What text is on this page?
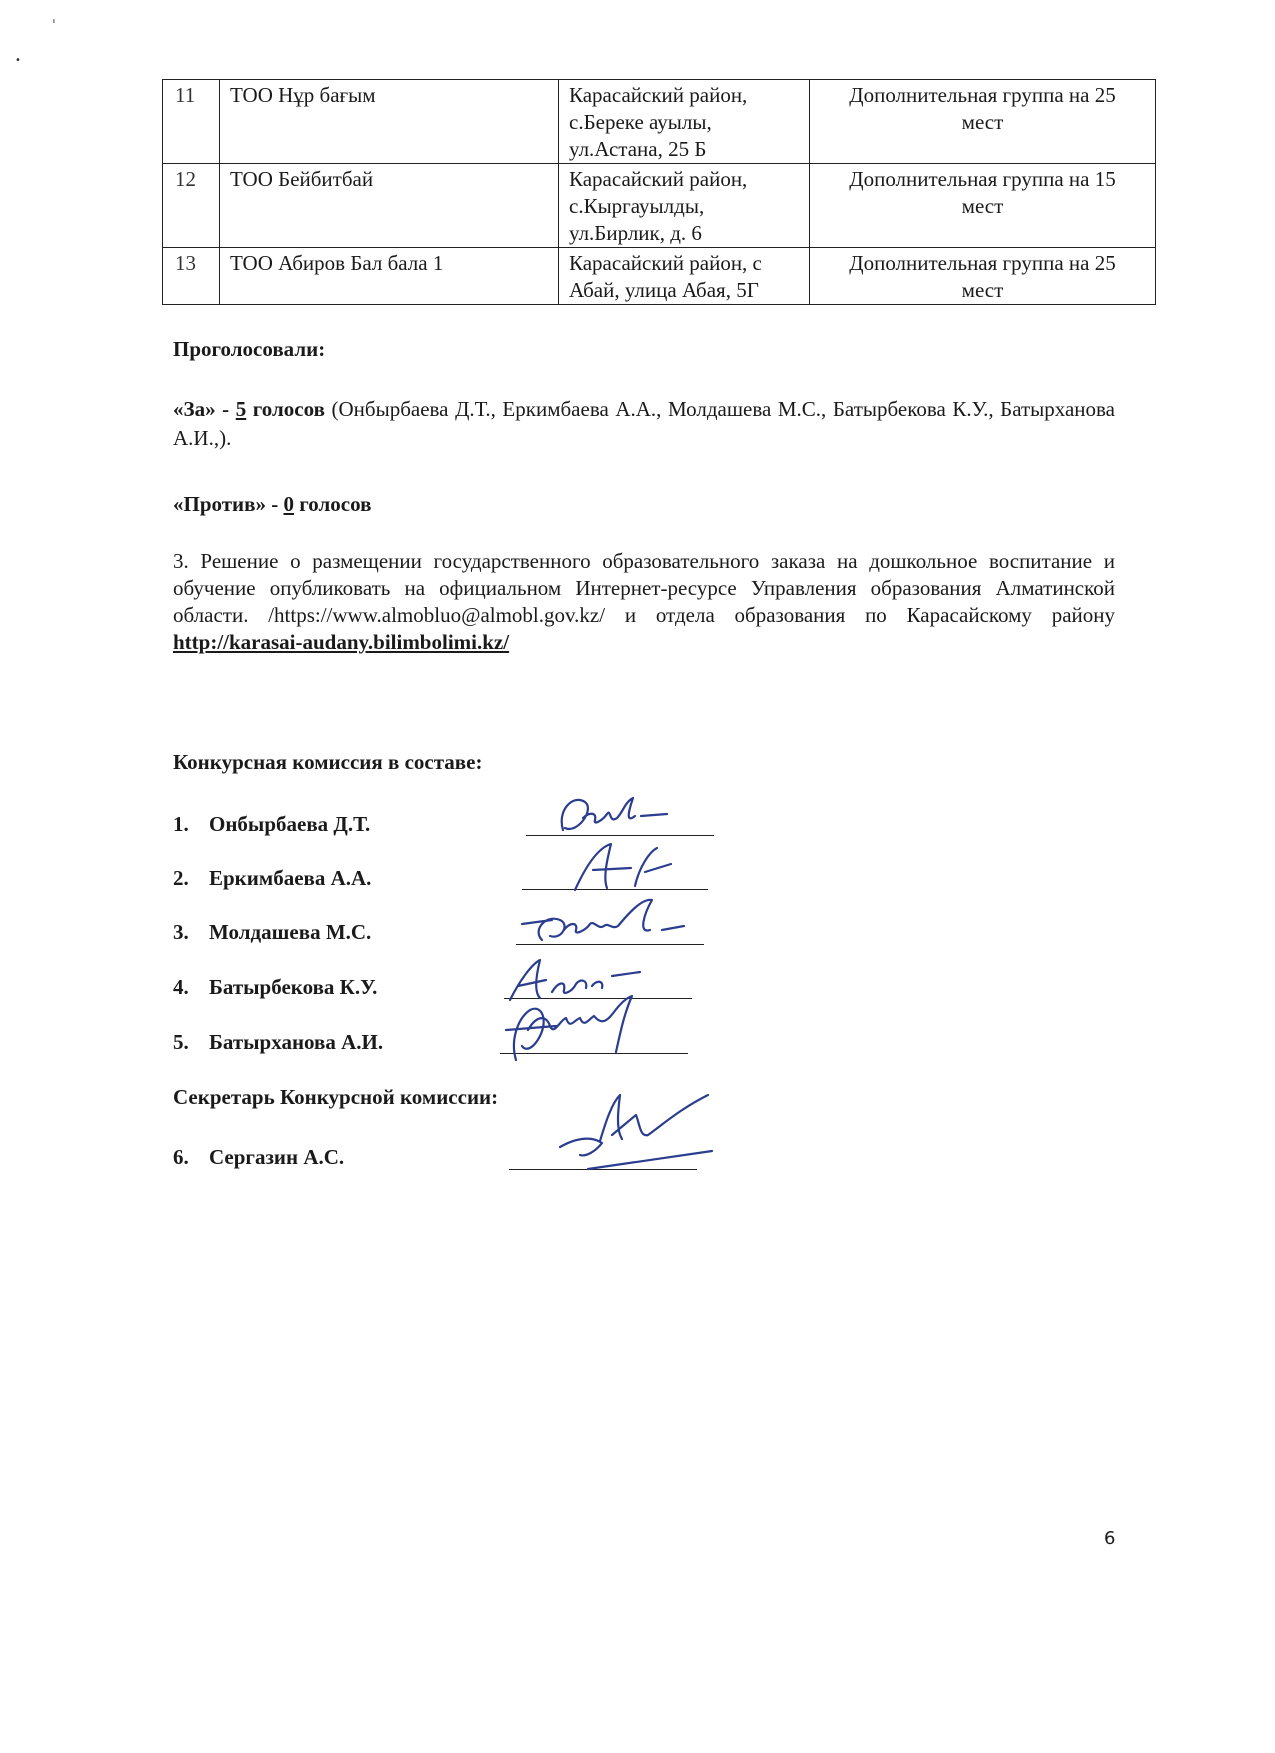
ˈ
•
11	ТОО Нұр бағым	Карасайский район, с.Береке ауылы, ул.Астана, 25 Б	Дополнительная группа на 25 мест
12	ТОО Бейбитбай	Карасайский район, с.Кыргауылды, ул.Бирлик, д. 6	Дополнительная группа на 15 мест
13	ТОО Абиров Бал бала 1	Карасайский район, с Абай, улица Абая, 5Г	Дополнительная группа на 25 мест
Проголосовали:
«За» - 5 голосов (Онбырбаева Д.Т., Еркимбаева А.А., Молдашева М.С., Батырбекова К.У., Батырханова А.И.,).
«Против» - 0 голосов
3. Решение о размещении государственного образовательного заказа на дошкольное воспитание и обучение опубликовать на официальном Интернет-ресурсе Управления образования Алматинской области. /https://www.almobluo@almobl.gov.kz/ и отдела образования по Карасайскому району http://karasai-audany.bilimbolimi.kz/
Конкурсная комиссия в составе:
1. Онбырбаева Д.Т.
2. Еркимбаева А.А.
3. Молдашева М.С.
4. Батырбекова К.У.
5. Батырханова А.И.
Секретарь Конкурсной комиссии:
6. Сергазин А.С.
6
